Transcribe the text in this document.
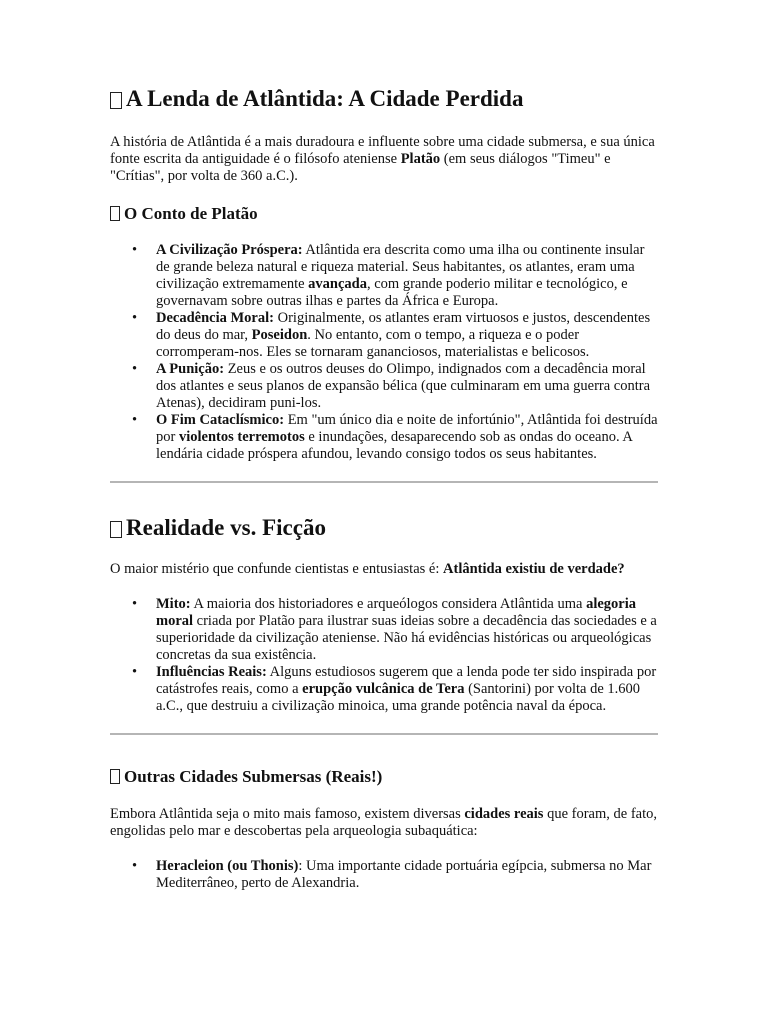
A Lenda de Atlântida: A Cidade Perdida

A história de Atlântida é a mais duradoura e influente sobre uma cidade submersa, e sua única fonte escrita da antiguidade é o filósofo ateniense Platão (em seus diálogos "Timeu" e "Crítias", por volta de 360 a.C.).

O Conto de Platão
• A Civilização Próspera: Atlântida era descrita como uma ilha ou continente insular de grande beleza natural e riqueza material. Seus habitantes, os atlantes, eram uma civilização extremamente avançada, com grande poderio militar e tecnológico, e governavam sobre outras ilhas e partes da África e Europa.
• Decadência Moral: Originalmente, os atlantes eram virtuosos e justos, descendentes do deus do mar, Poseidon. No entanto, com o tempo, a riqueza e o poder corromperam-nos. Eles se tornaram gananciosos, materialistas e belicosos.
• A Punição: Zeus e os outros deuses do Olimpo, indignados com a decadência moral dos atlantes e seus planos de expansão bélica (que culminaram em uma guerra contra Atenas), decidiram puni-los.
• O Fim Cataclísmico: Em "um único dia e noite de infortúnio", Atlântida foi destruída por violentos terremotos e inundações, desaparecendo sob as ondas do oceano. A lendária cidade próspera afundou, levando consigo todos os seus habitantes.
Realidade vs. Ficção

O maior mistério que confunde cientistas e entusiastas é: Atlântida existiu de verdade?

• Mito: A maioria dos historiadores e arqueólogos considera Atlântida uma alegoria moral criada por Platão para ilustrar suas ideias sobre a decadência das sociedades e a superioridade da civilização ateniense. Não há evidências históricas ou arqueológicas concretas da sua existência.
• Influências Reais: Alguns estudiosos sugerem que a lenda pode ter sido inspirada por catástrofes reais, como a erupção vulcânica de Tera (Santorini) por volta de 1.600 a.C., que destruiu a civilização minoica, uma grande potência naval da época.
Outras Cidades Submersas (Reais!)

Embora Atlântida seja o mito mais famoso, existem diversas cidades reais que foram, de fato, engolidas pelo mar e descobertas pela arqueologia subaquática:

• Heracleion (ou Thonis): Uma importante cidade portuária egípcia, submersa no Mar Mediterrâneo, perto de Alexandria.
